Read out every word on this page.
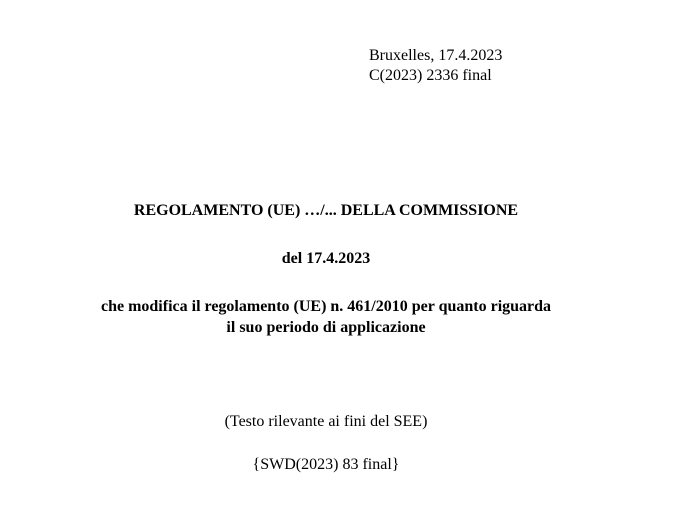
Bruxelles, 17.4.2023
C(2023) 2336 final
REGOLAMENTO (UE) …/... DELLA COMMISSIONE
del 17.4.2023
che modifica il regolamento (UE) n. 461/2010 per quanto riguarda
il suo periodo di applicazione
(Testo rilevante ai fini del SEE)
{SWD(2023) 83 final}
